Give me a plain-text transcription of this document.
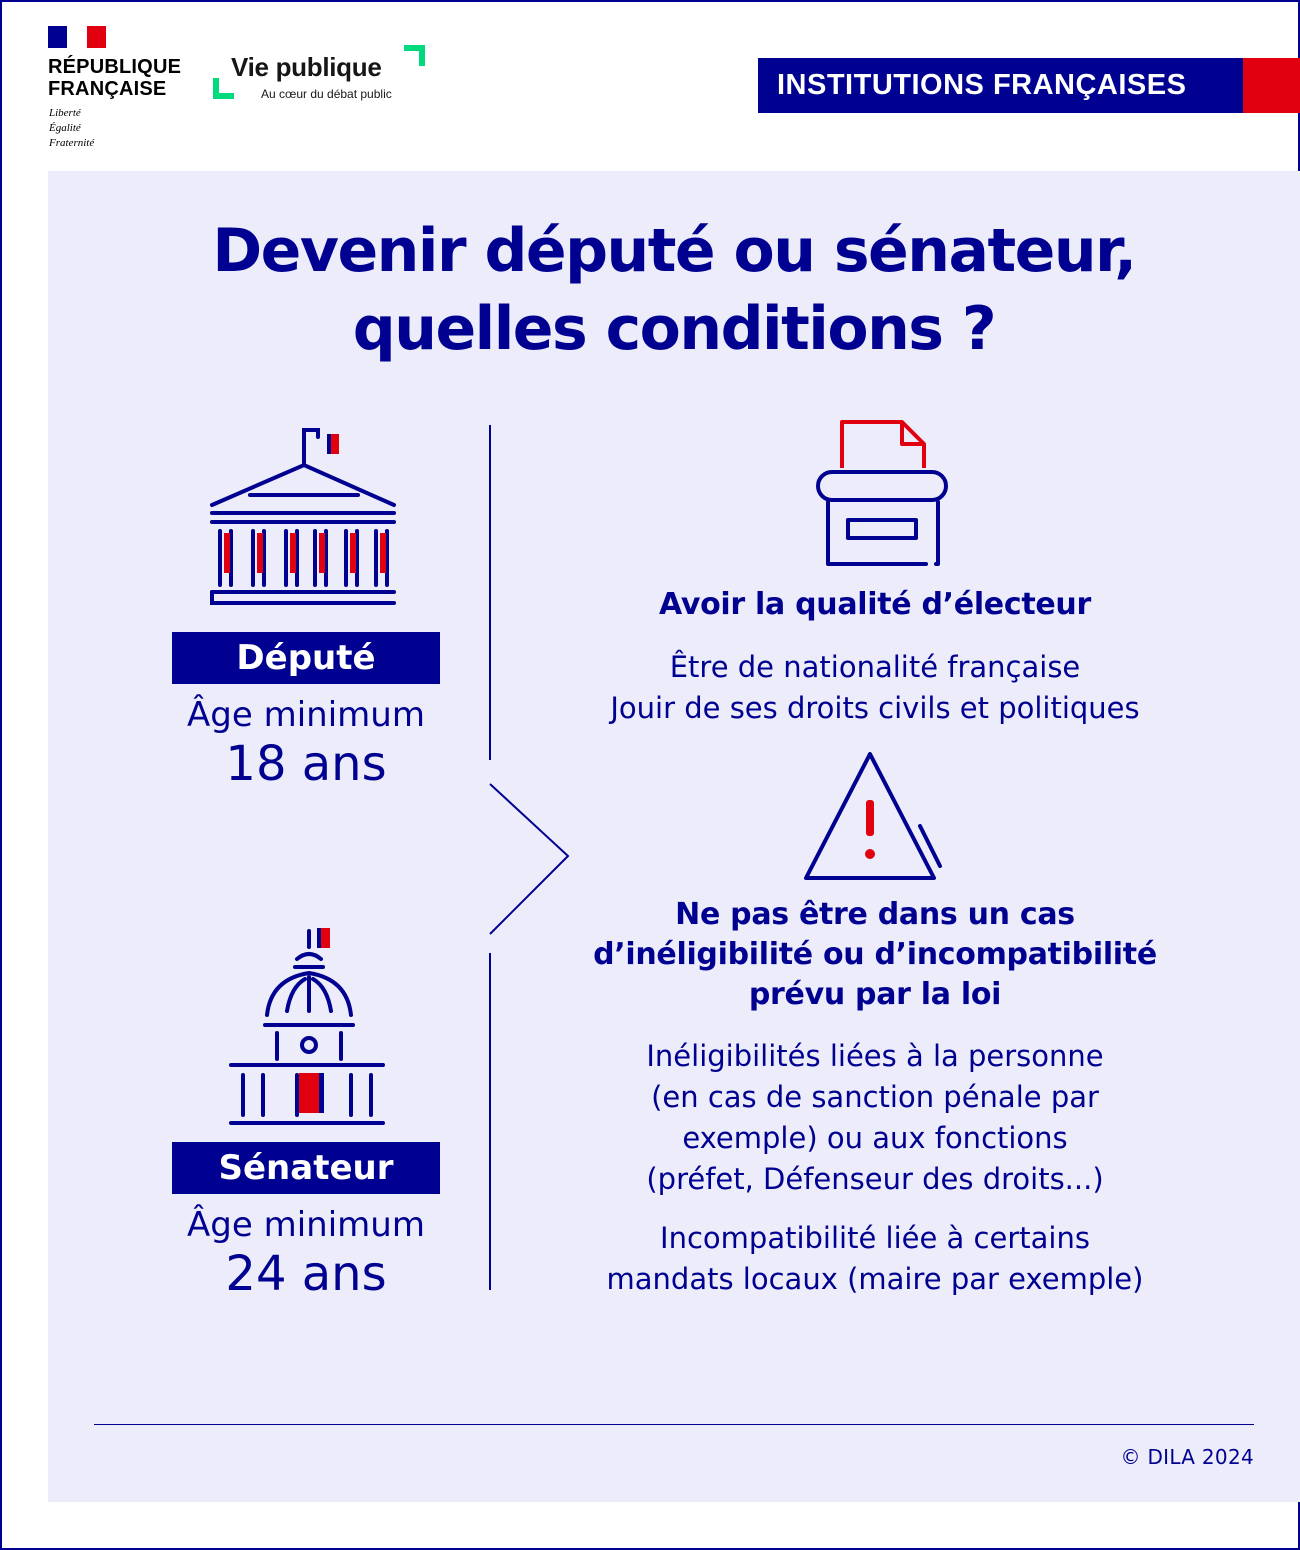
RÉPUBLIQUE
FRANÇAISE
Liberté
Égalité
Fraternité
Vie publique
Au cœur du débat public	INSTITUTIONS FRANÇAISES
Devenir député ou sénateur,
quelles conditions ?
Député
Âge minimum
18 ans
Sénateur
Âge minimum
24 ans
Avoir la qualité d’électeur
Être de nationalité française
Jouir de ses droits civils et politiques
Ne pas être dans un cas
d’inéligibilité ou d’incompatibilité
prévu par la loi
Inéligibilités liées à la personne
(en cas de sanction pénale par
exemple) ou aux fonctions
(préfet, Défenseur des droits...)
Incompatibilité liée à certains
mandats locaux (maire par exemple)
© DILA 2024
